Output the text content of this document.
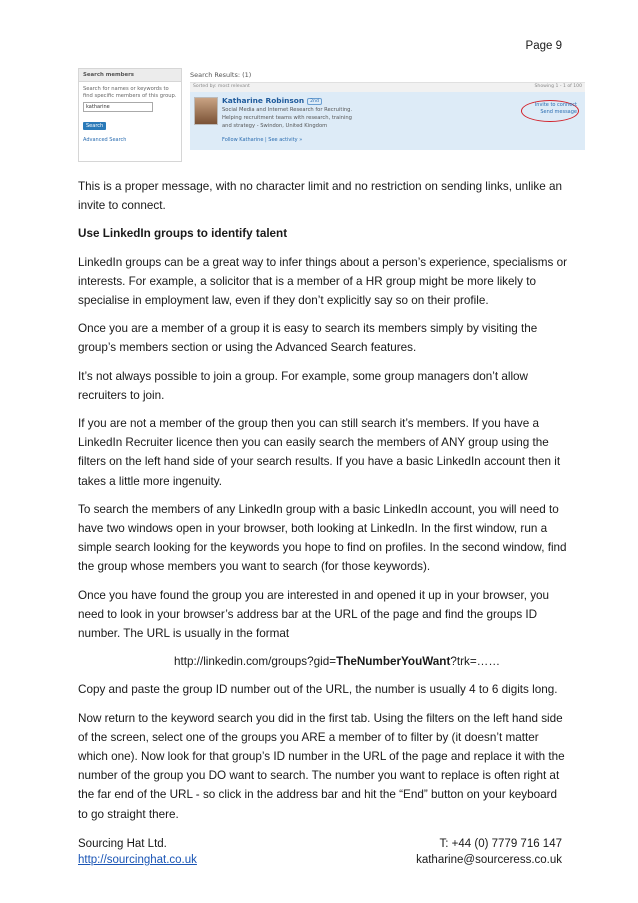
Page 9
Search members
Search for names or keywords to find specific members of this group.
katharine
Search
Advanced Search
Search Results: (1)
Sorted by: most relevant	Showing 1 - 1 of 100
Katharine Robinson 2nd
Social Media and Internet Research for Recruiting.
Helping recruitment teams with research, training
and strategy - Swindon, United Kingdom
Follow Katharine | See activity »
Invite to connect
Send message

This is a proper message, with no character limit and no restriction on sending links, unlike an invite to connect.

Use LinkedIn groups to identify talent

LinkedIn groups can be a great way to infer things about a person’s experience, specialisms or interests. For example, a solicitor that is a member of a HR group might be more likely to specialise in employment law, even if they don’t explicitly say so on their profile.

Once you are a member of a group it is easy to search its members simply by visiting the group’s members section or using the Advanced Search features.

It’s not always possible to join a group. For example, some group managers don’t allow recruiters to join.

If you are not a member of the group then you can still search it’s members. If you have a LinkedIn Recruiter licence then you can easily search the members of ANY group using the filters on the left hand side of your search results. If you have a basic LinkedIn account then it takes a little more ingenuity.

To search the members of any LinkedIn group with a basic LinkedIn account, you will need to have two windows open in your browser, both looking at LinkedIn. In the first window, run a simple search looking for the keywords you hope to find on profiles. In the second window, find the group whose members you want to search (for those keywords).

Once you have found the group you are interested in and opened it up in your browser, you need to look in your browser’s address bar at the URL of the page and find the groups ID number. The URL is usually in the format

http://linkedin.com/groups?gid=TheNumberYouWant?trk=……

Copy and paste the group ID number out of the URL, the number is usually 4 to 6 digits long.

Now return to the keyword search you did in the first tab. Using the filters on the left hand side of the screen, select one of the groups you ARE a member of to filter by (it doesn’t matter which one). Now look for that group’s ID number in the URL of the page and replace it with the number of the group you DO want to search. The number you want to replace is often right at the far end of the URL - so click in the address bar and hit the “End” button on your keyboard to go straight there.

Sourcing Hat Ltd.
http://sourcinghat.co.uk
T: +44 (0) 7779 716 147
katharine@sourceress.co.uk
